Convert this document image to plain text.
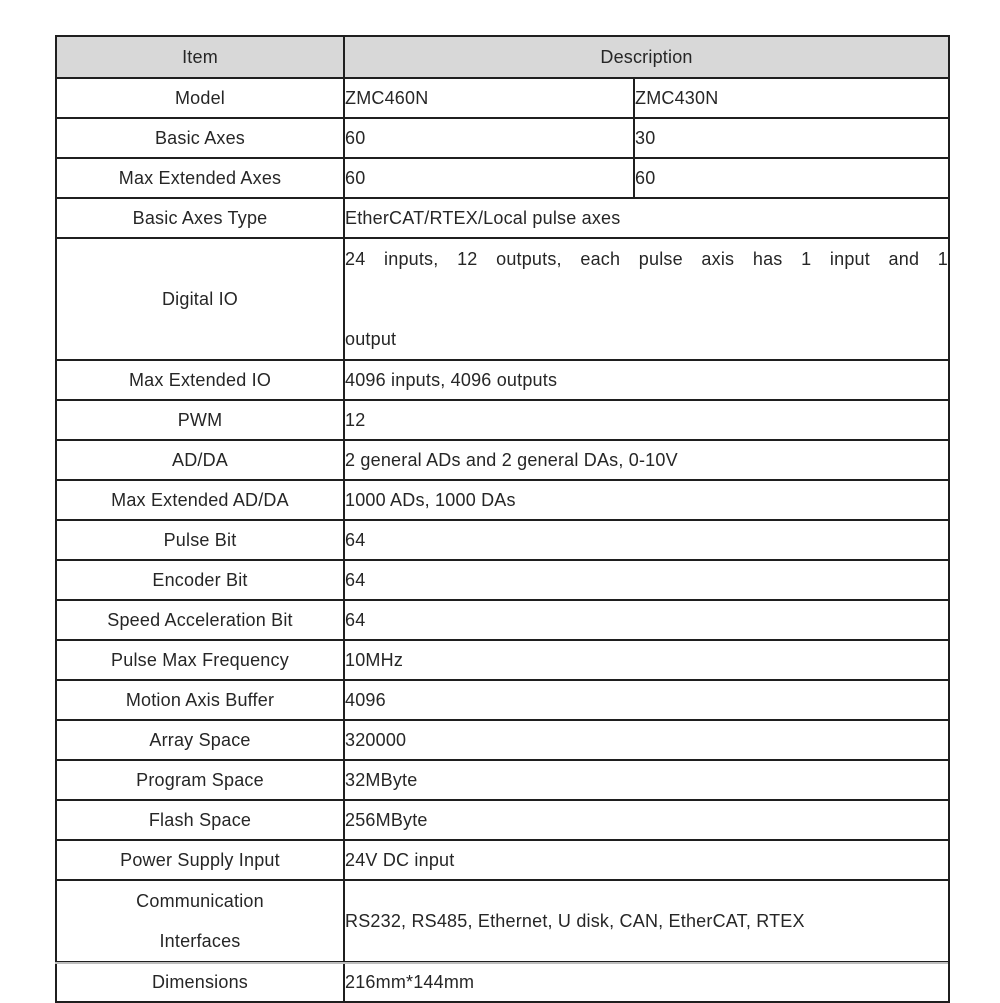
Item	Description	

Model	ZMC460N	ZMC430N

Basic Axes	60	30

Max Extended Axes	60	60

Basic Axes Type	EtherCAT/RTEX/Local pulse axes	

Digital IO	24 inputs, 12 outputs, each pulse axis has 1 input and 1
output	

Max Extended IO	4096 inputs, 4096 outputs	

PWM	12	

AD/DA	2 general ADs and 2 general DAs, 0-10V	

Max Extended AD/DA	1000 ADs, 1000 DAs	

Pulse Bit	64	

Encoder Bit	64	

Speed Acceleration Bit	64	

Pulse Max Frequency	10MHz	

Motion Axis Buffer	4096	

Array Space	320000	

Program Space	32MByte	

Flash Space	256MByte	

Power Supply Input	24V DC input	

Communication
Interfaces	RS232, RS485, Ethernet, U disk, CAN, EtherCAT, RTEX	

Dimensions	216mm*144mm	
